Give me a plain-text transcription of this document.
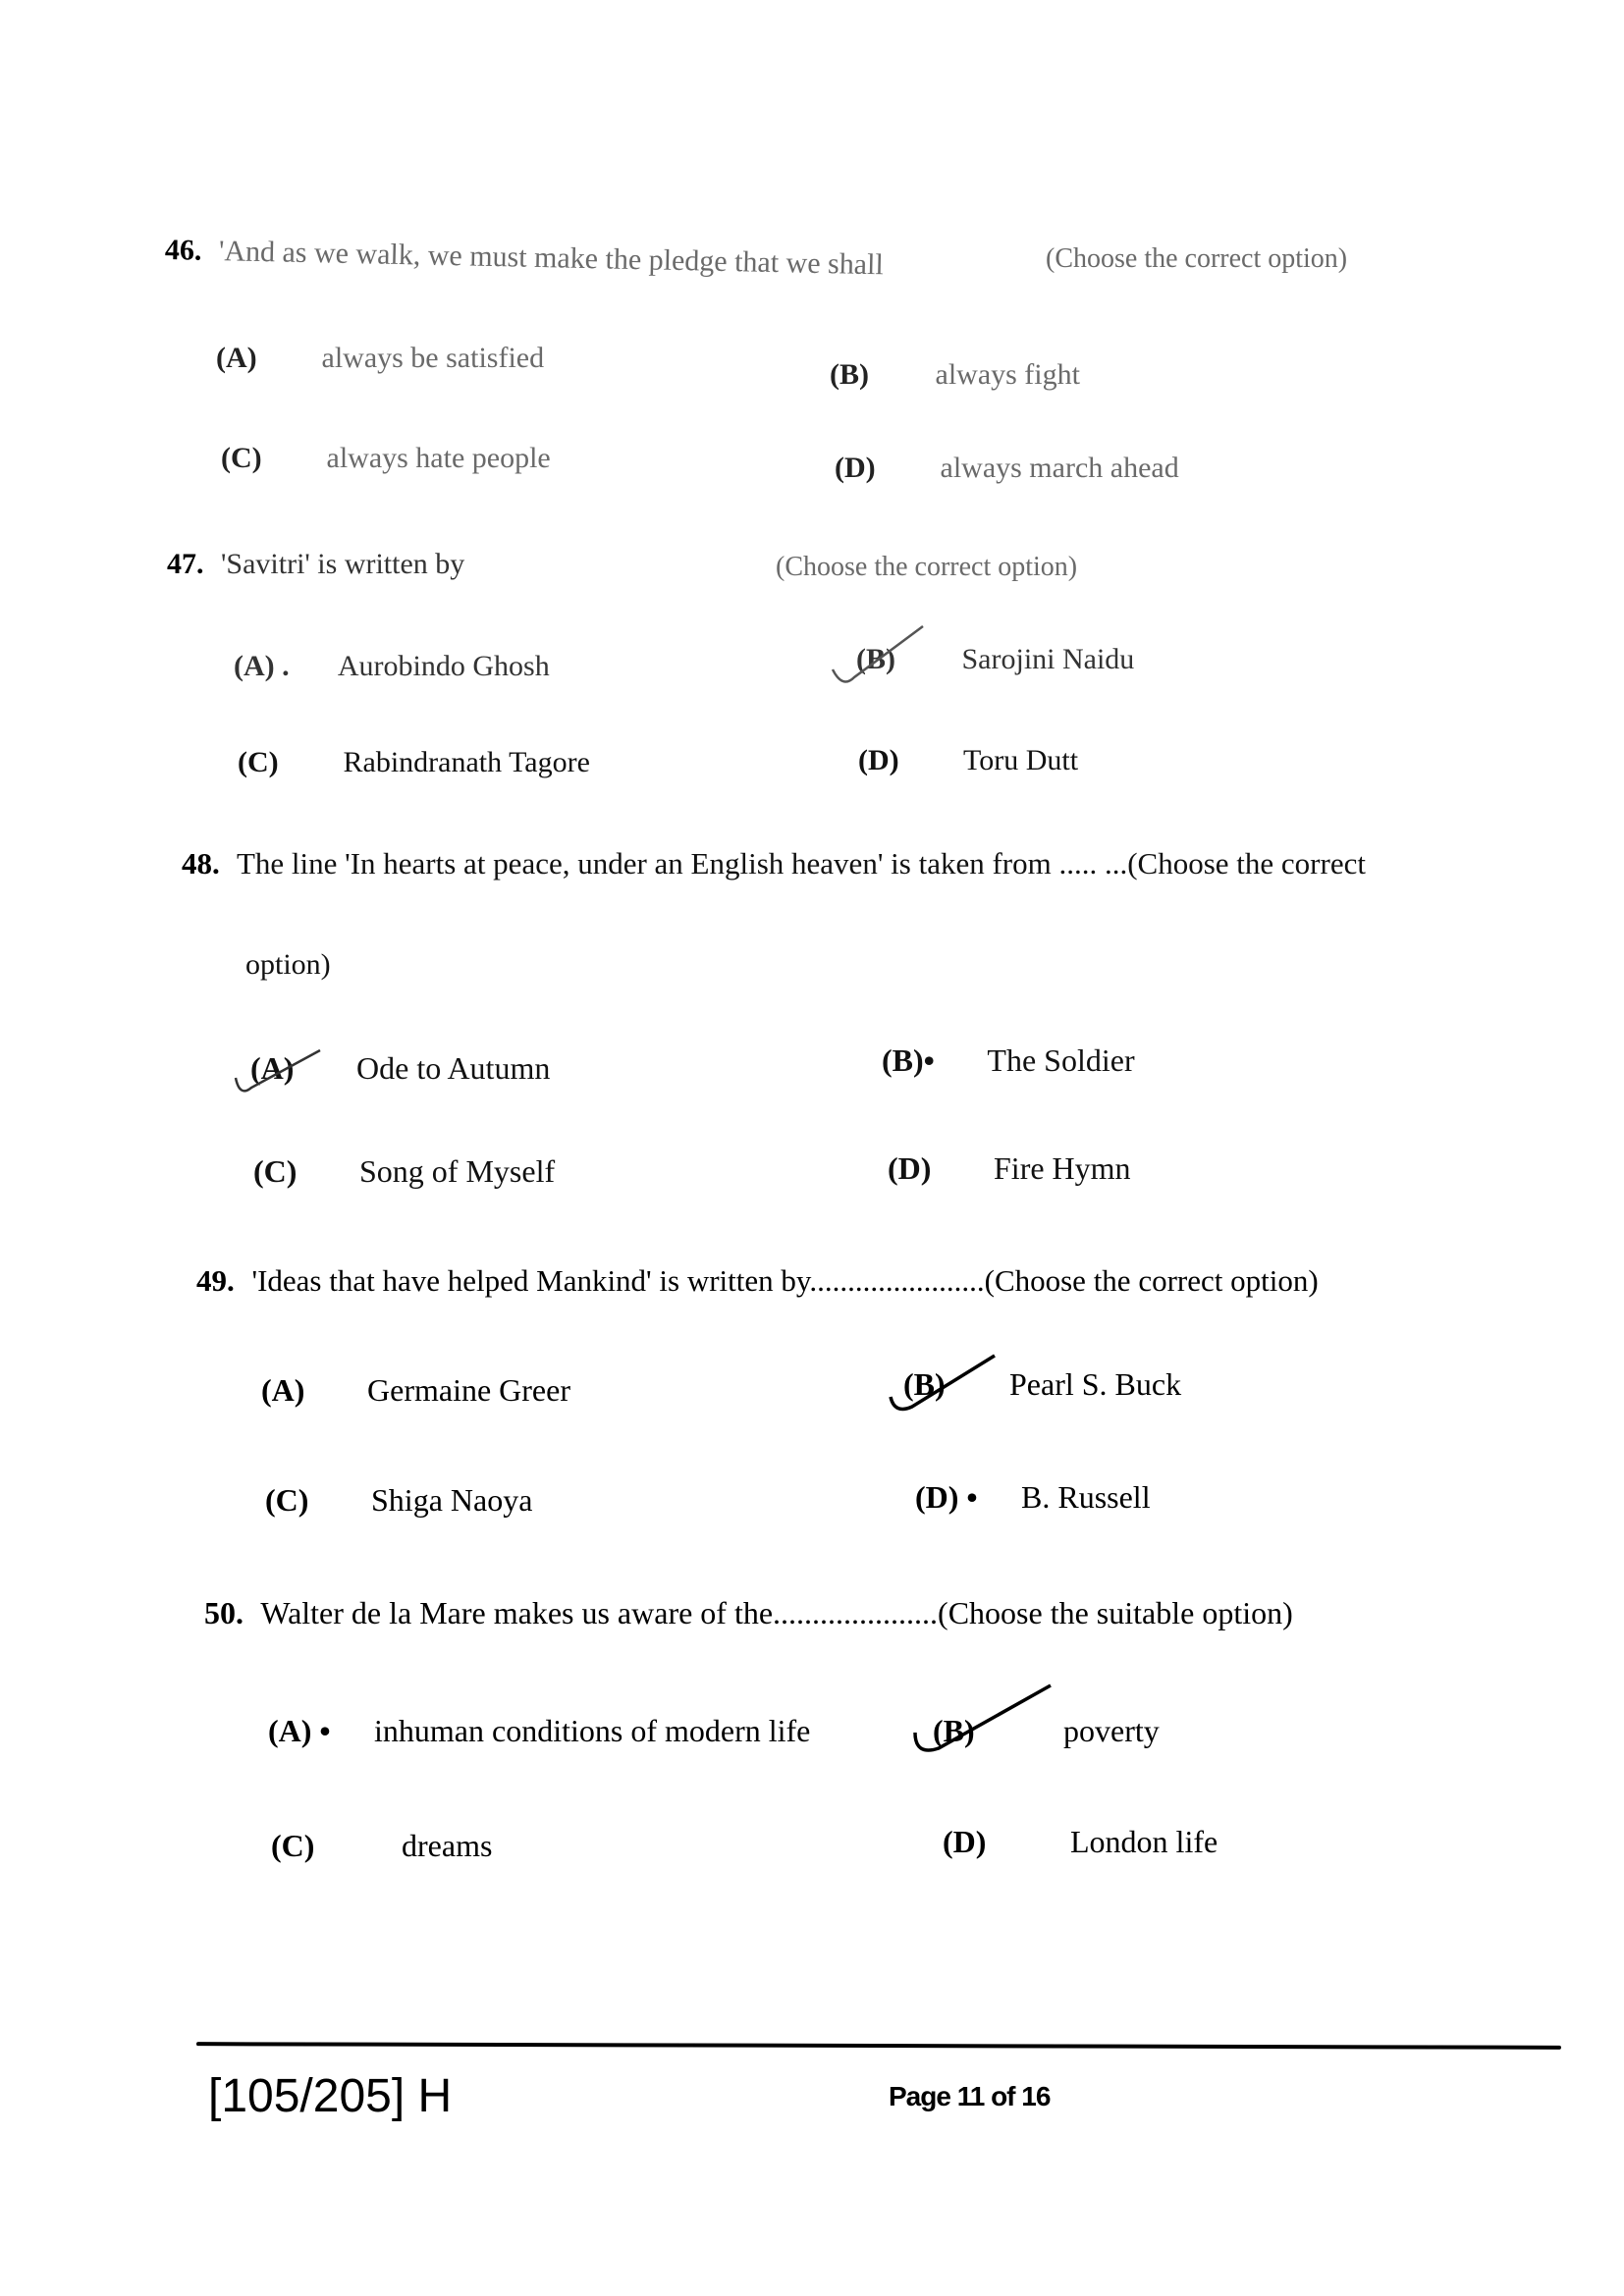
46. 'And as we walk, we must make the pledge that we shall	(Choose the correct option)
(A) always be satisfied
(B) always fight
(C) always hate people	(D) always march ahead
47. 'Savitri' is written by	(Choose the correct option)
(A) . Aurobindo Ghosh	(B) Sarojini Naidu
(C) Rabindranath Tagore	(D) Toru Dutt
48. The line 'In hearts at peace, under an English heaven' is taken from ..... ...(Choose the correct
option)
(A) Ode to Autumn	(B)• The Soldier
(C) Song of Myself	(D) Fire Hymn
49. 'Ideas that have helped Mankind' is written by.......................(Choose the correct option)
(A) Germaine Greer	(B) Pearl S. Buck
(C) Shiga Naoya	(D) • B. Russell
50. Walter de la Mare makes us aware of the.....................(Choose the suitable option)
(A) • inhuman conditions of modern life	(B)	poverty
(C)	dreams	(D)	London life
[105/205] H	Page 11 of 16
